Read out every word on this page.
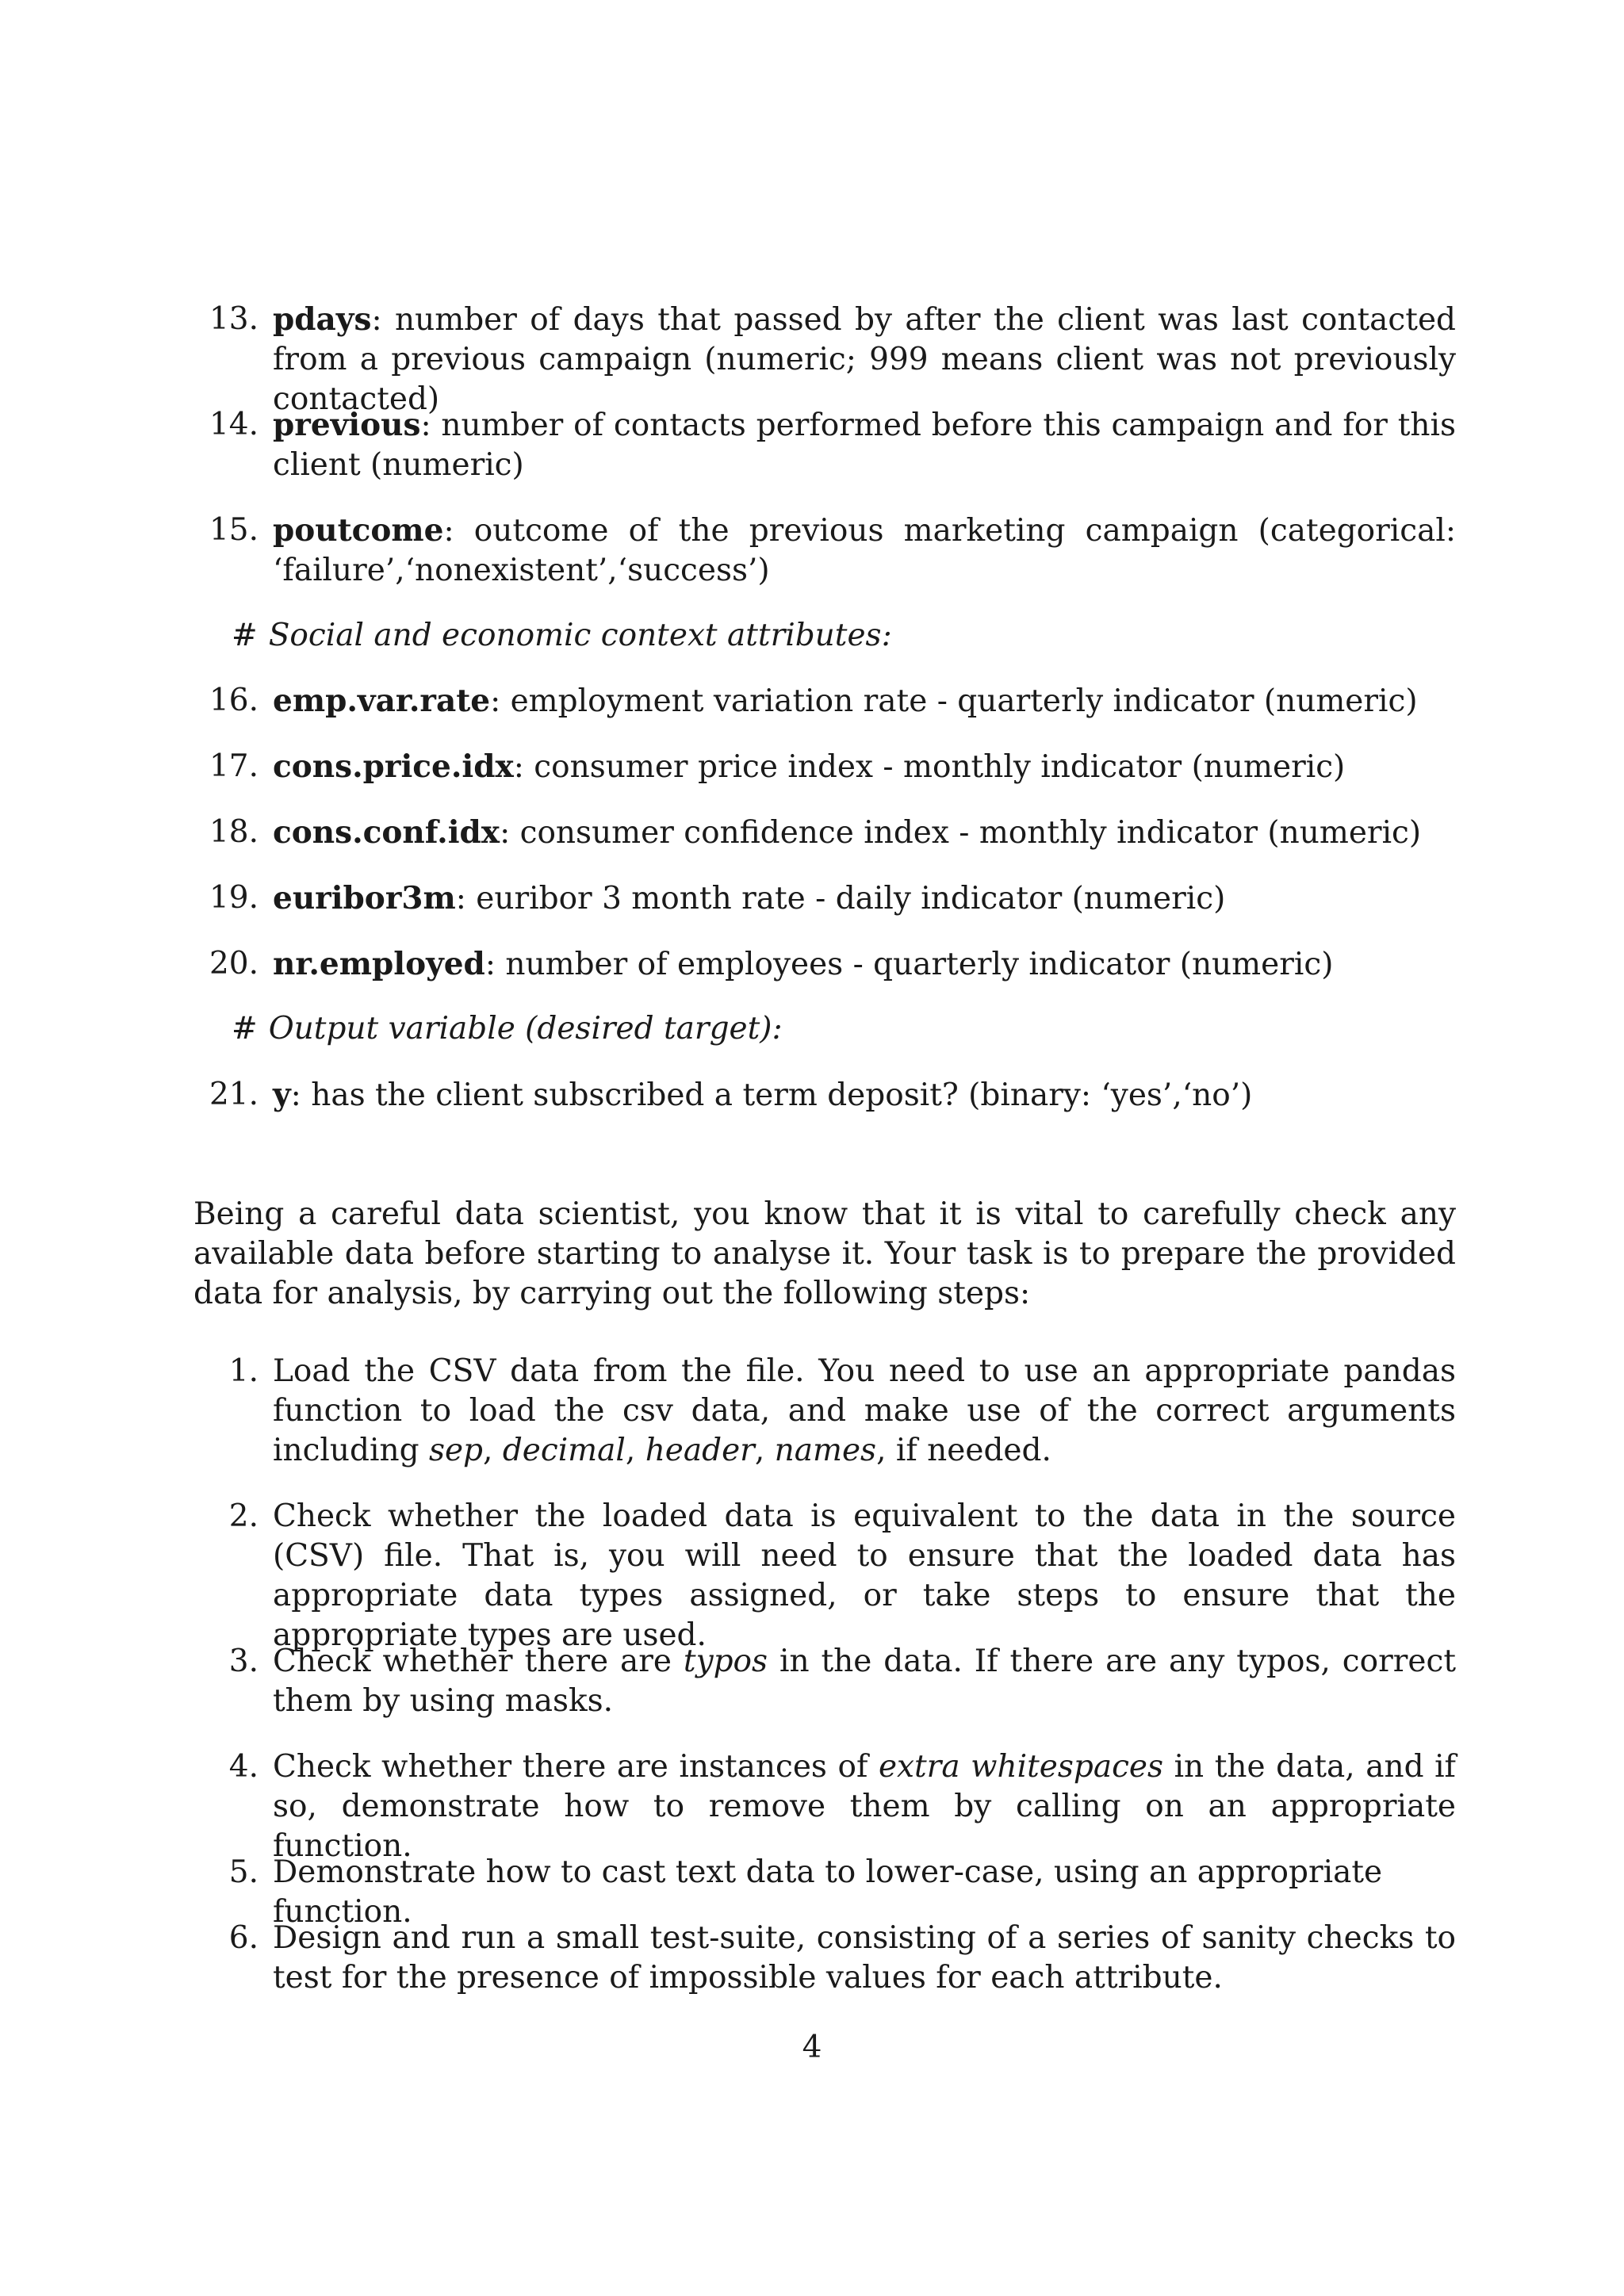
13. pdays: number of days that passed by after the client was last contacted from a previous campaign (numeric; 999 means client was not previously contacted)
14. previous: number of contacts performed before this campaign and for this client (numeric)
15. poutcome: outcome of the previous marketing campaign (categorical: ‘failure’,‘nonexistent’,‘success’)
# Social and economic context attributes:
16. emp.var.rate: employment variation rate - quarterly indicator (numeric)
17. cons.price.idx: consumer price index - monthly indicator (numeric)
18. cons.conf.idx: consumer confidence index - monthly indicator (numeric)
19. euribor3m: euribor 3 month rate - daily indicator (numeric)
20. nr.employed: number of employees - quarterly indicator (numeric)
# Output variable (desired target):
21. y: has the client subscribed a term deposit? (binary: ‘yes’,‘no’)
Being a careful data scientist, you know that it is vital to carefully check any available data before starting to analyse it. Your task is to prepare the provided data for analysis, by carrying out the following steps:
1. Load the CSV data from the file. You need to use an appropriate pandas function to load the csv data, and make use of the correct arguments including sep, decimal, header, names, if needed.
2. Check whether the loaded data is equivalent to the data in the source (CSV) file. That is, you will need to ensure that the loaded data has appropriate data types assigned, or take steps to ensure that the appropriate types are used.
3. Check whether there are typos in the data. If there are any typos, correct them by using masks.
4. Check whether there are instances of extra whitespaces in the data, and if so, demonstrate how to remove them by calling on an appropriate function.
5. Demonstrate how to cast text data to lower-case, using an appropriate function.
6. Design and run a small test-suite, consisting of a series of sanity checks to test for the presence of impossible values for each attribute.
4
